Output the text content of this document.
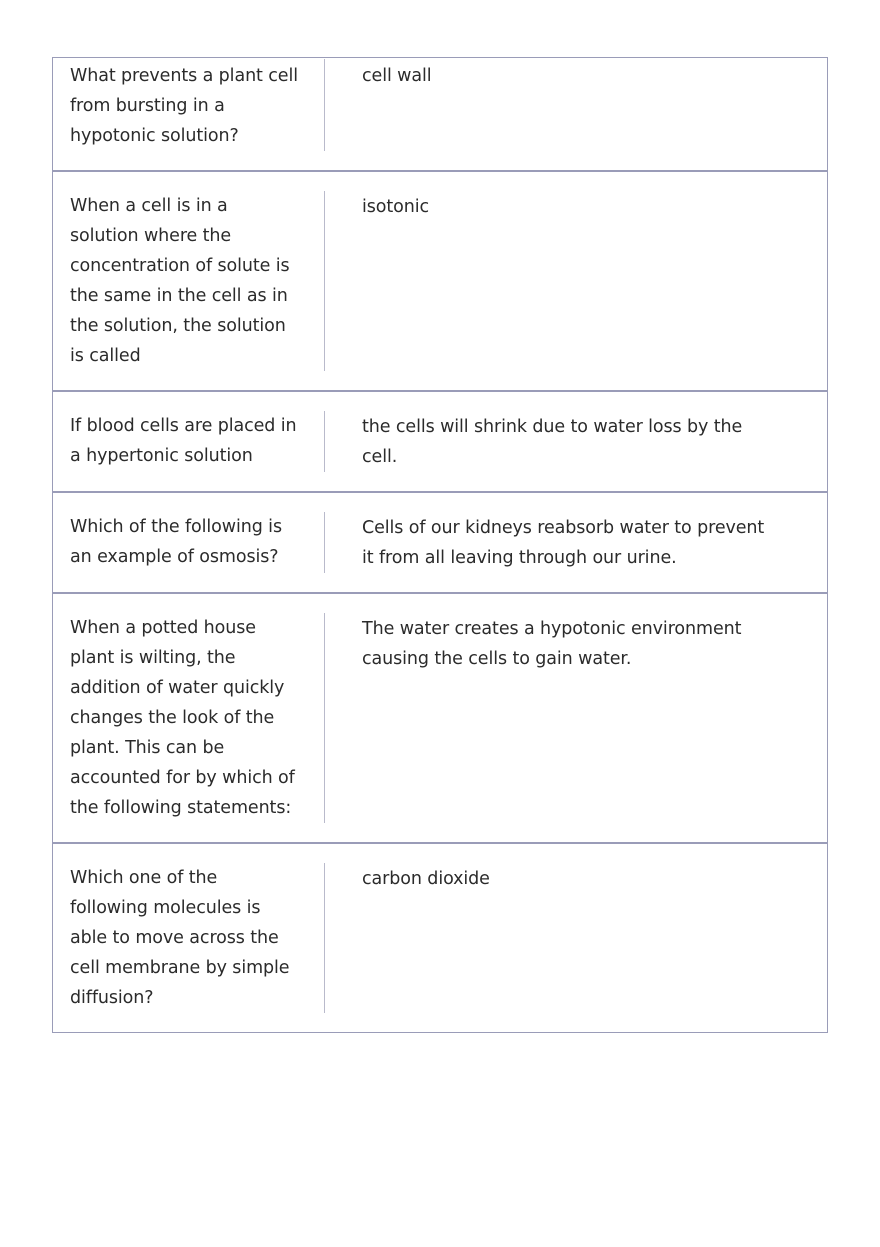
What prevents a plant cell from bursting in a hypotonic solution?

cell wall

When a cell is in a solution where the concentration of solute is the same in the cell as in the solution, the solution is called

isotonic

If blood cells are placed in a hypertonic solution

the cells will shrink due to water loss by the cell.

Which of the following is an example of osmosis?

Cells of our kidneys reabsorb water to prevent it from all leaving through our urine.

When a potted house plant is wilting, the addition of water quickly changes the look of the plant. This can be accounted for by which of the following statements:

The water creates a hypotonic environment causing the cells to gain water.

Which one of the following molecules is able to move across the cell membrane by simple diffusion?

carbon dioxide
